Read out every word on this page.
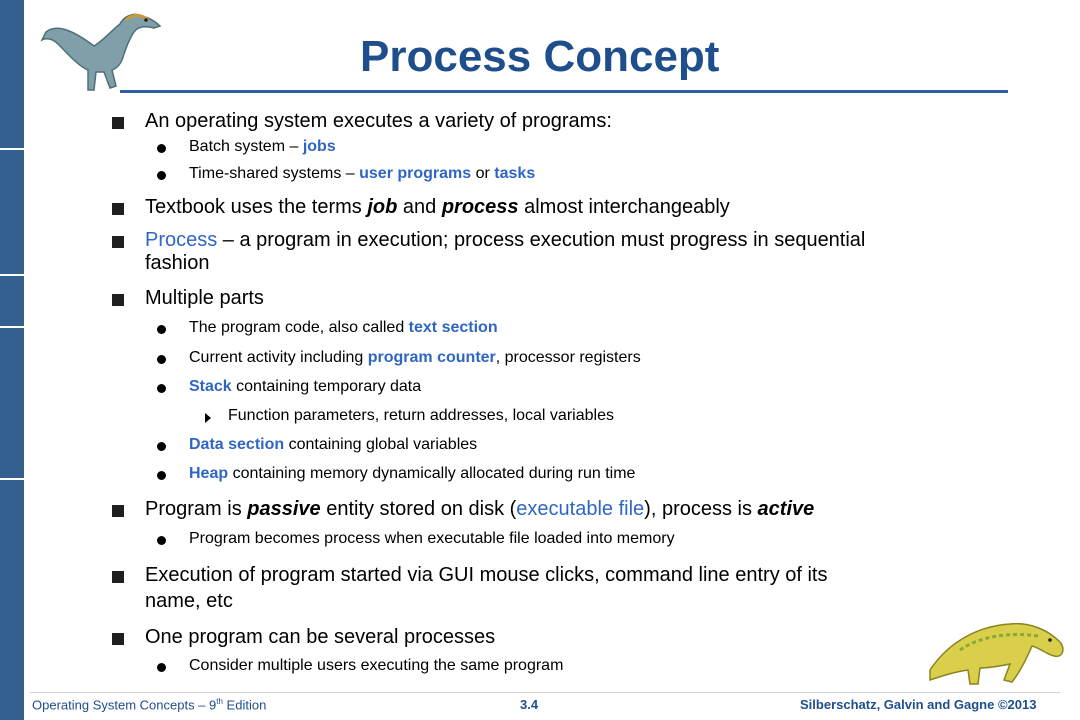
Process Concept
An operating system executes a variety of programs:
Batch system – jobs
Time-shared systems – user programs or tasks
Textbook uses the terms job and process almost interchangeably
Process – a program in execution; process execution must progress in sequential
fashion
Multiple parts
The program code, also called text section
Current activity including program counter, processor registers
Stack containing temporary data
Function parameters, return addresses, local variables
Data section containing global variables
Heap containing memory dynamically allocated during run time
Program is passive entity stored on disk (executable file), process is active
Program becomes process when executable file loaded into memory
Execution of program started via GUI mouse clicks, command line entry of its
name, etc
One program can be several processes
Consider multiple users executing the same program
Operating System Concepts – 9th Edition	3.4	Silberschatz, Galvin and Gagne ©2013
